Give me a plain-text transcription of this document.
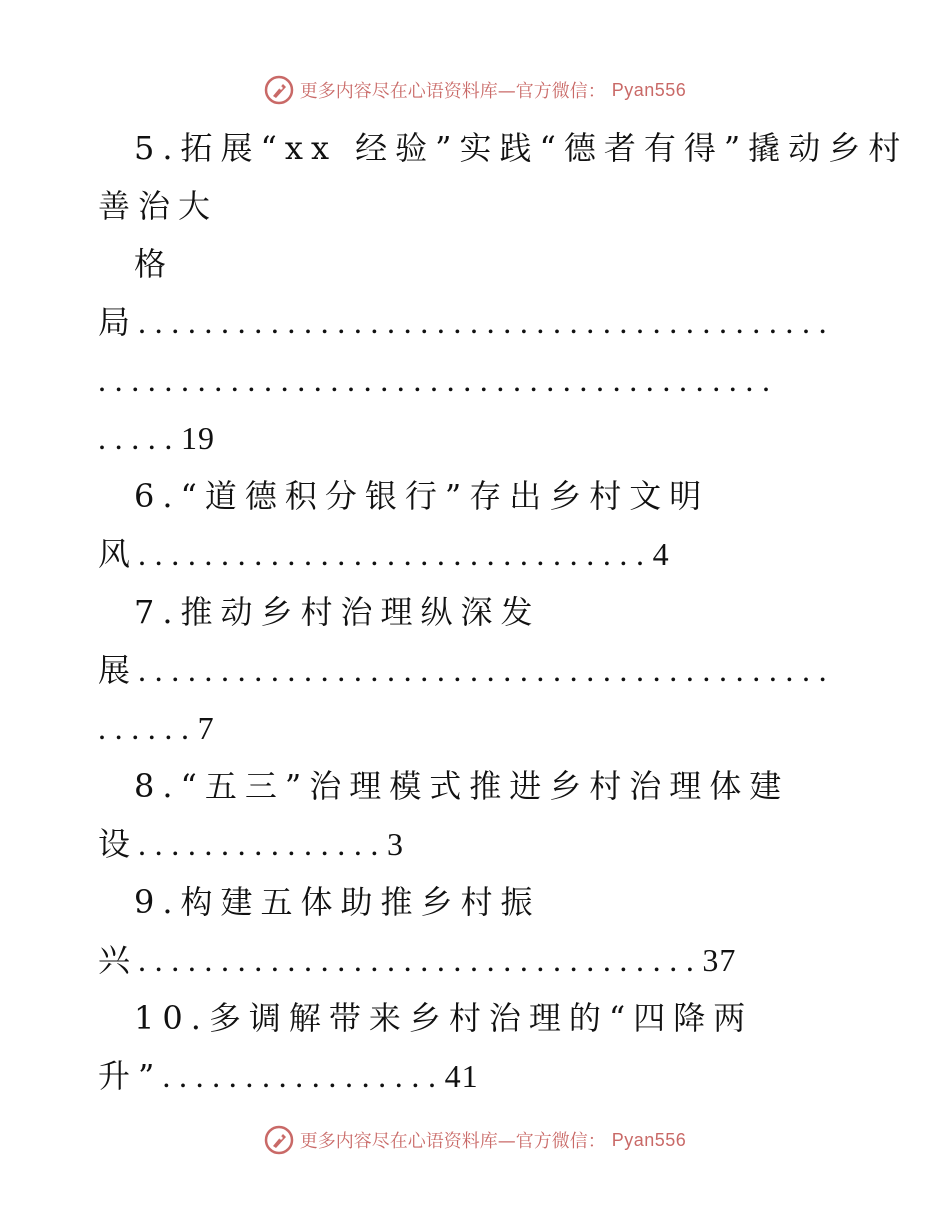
更多内容尽在心语资料库—官方微信： Pyan556
5.拓展“xx 经验”实践“德者有得”撬动乡村
善治大
格
局..........................................
.........................................
.....19
6.“道德积分银行”存出乡村文明
风...............................4
7.推动乡村治理纵深发
展..........................................
......7
8.“五三”治理模式推进乡村治理体建
设...............3
9.构建五体助推乡村振
兴..................................37
10.多调解带来乡村治理的“四降两
升”.................41
更多内容尽在心语资料库—官方微信： Pyan556
